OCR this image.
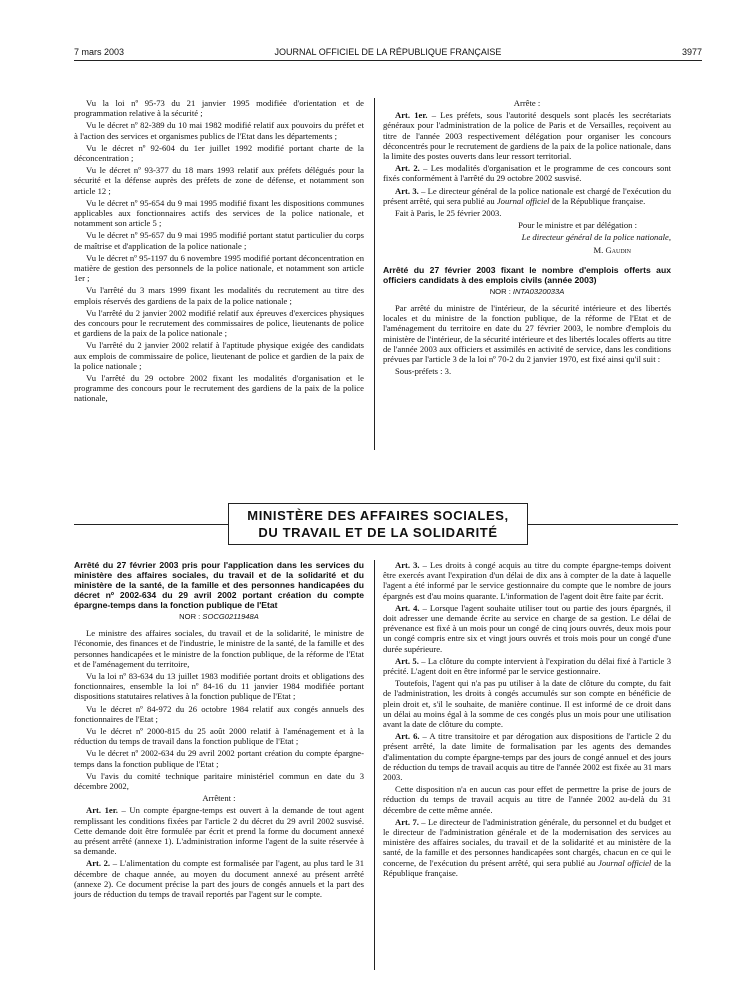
7 mars 2003	JOURNAL OFFICIEL DE LA RÉPUBLIQUE FRANÇAISE	3977

Vu la loi nº 95-73 du 21 janvier 1995 modifiée d'orientation et de programmation relative à la sécurité ;

Vu le décret nº 82-389 du 10 mai 1982 modifié relatif aux pouvoirs du préfet et à l'action des services et organismes publics de l'Etat dans les départements ;

Vu le décret nº 92-604 du 1er juillet 1992 modifié portant charte de la déconcentration ;

Vu le décret nº 93-377 du 18 mars 1993 relatif aux préfets délégués pour la sécurité et la défense auprès des préfets de zone de défense, et notamment son article 12 ;

Vu le décret nº 95-654 du 9 mai 1995 modifié fixant les dispositions communes applicables aux fonctionnaires actifs des services de la police nationale, et notamment son article 5 ;

Vu le décret nº 95-657 du 9 mai 1995 modifié portant statut particulier du corps de maîtrise et d'application de la police nationale ;

Vu le décret nº 95-1197 du 6 novembre 1995 modifié portant déconcentration en matière de gestion des personnels de la police nationale, et notamment son article 1er ;

Vu l'arrêté du 3 mars 1999 fixant les modalités du recrutement au titre des emplois réservés des gardiens de la paix de la police nationale ;

Vu l'arrêté du 2 janvier 2002 modifié relatif aux épreuves d'exercices physiques des concours pour le recrutement des commissaires de police, lieutenants de police et gardiens de la paix de la police nationale ;

Vu l'arrêté du 2 janvier 2002 relatif à l'aptitude physique exigée des candidats aux emplois de commissaire de police, lieutenant de police et gardien de la paix de la police nationale ;

Vu l'arrêté du 29 octobre 2002 fixant les modalités d'organisation et le programme des concours pour le recrutement des gardiens de la paix de la police nationale,

Arrête :

Art. 1er. – Les préfets, sous l'autorité desquels sont placés les secrétariats généraux pour l'administration de la police de Paris et de Versailles, reçoivent au titre de l'année 2003 respectivement délégation pour organiser les concours déconcentrés pour le recrutement de gardiens de la paix de la police nationale, dans la limite des postes ouverts dans leur ressort territorial.

Art. 2. – Les modalités d'organisation et le programme de ces concours sont fixés conformément à l'arrêté du 29 octobre 2002 susvisé.

Art. 3. – Le directeur général de la police nationale est chargé de l'exécution du présent arrêté, qui sera publié au Journal officiel de la République française.

Fait à Paris, le 25 février 2003.

Pour le ministre et par délégation :

Le directeur général de la police nationale,

M. Gaudin

Arrêté du 27 février 2003 fixant le nombre d'emplois offerts aux officiers candidats à des emplois civils (année 2003)

NOR : INTA0320033A

Par arrêté du ministre de l'intérieur, de la sécurité intérieure et des libertés locales et du ministre de la fonction publique, de la réforme de l'Etat et de l'aménagement du territoire en date du 27 février 2003, le nombre d'emplois du ministère de l'intérieur, de la sécurité intérieure et des libertés locales offerts au titre de l'année 2003 aux officiers et assimilés en activité de service, dans les conditions prévues par l'article 3 de la loi nº 70-2 du 2 janvier 1970, est fixé ainsi qu'il suit :

Sous-préfets : 3.

MINISTÈRE DES AFFAIRES SOCIALES,
DU TRAVAIL ET DE LA SOLIDARITÉ

Arrêté du 27 février 2003 pris pour l'application dans les services du ministère des affaires sociales, du travail et de la solidarité et du ministère de la santé, de la famille et des personnes handicapées du décret nº 2002-634 du 29 avril 2002 portant création du compte épargne-temps dans la fonction publique de l'Etat

NOR : SOCG0211948A

Le ministre des affaires sociales, du travail et de la solidarité, le ministre de l'économie, des finances et de l'industrie, le ministre de la santé, de la famille et des personnes handicapées et le ministre de la fonction publique, de la réforme de l'Etat et de l'aménagement du territoire,

Vu la loi nº 83-634 du 13 juillet 1983 modifiée portant droits et obligations des fonctionnaires, ensemble la loi nº 84-16 du 11 janvier 1984 modifiée portant dispositions statutaires relatives à la fonction publique de l'Etat ;

Vu le décret nº 84-972 du 26 octobre 1984 relatif aux congés annuels des fonctionnaires de l'Etat ;

Vu le décret nº 2000-815 du 25 août 2000 relatif à l'aménagement et à la réduction du temps de travail dans la fonction publique de l'Etat ;

Vu le décret nº 2002-634 du 29 avril 2002 portant création du compte épargne-temps dans la fonction publique de l'Etat ;

Vu l'avis du comité technique paritaire ministériel commun en date du 3 décembre 2002,

Arrêtent :

Art. 1er. – Un compte épargne-temps est ouvert à la demande de tout agent remplissant les conditions fixées par l'article 2 du décret du 29 avril 2002 susvisé. Cette demande doit être formulée par écrit et prend la forme du document annexé au présent arrêté (annexe 1). L'administration informe l'agent de la suite réservée à sa demande.

Art. 2. – L'alimentation du compte est formalisée par l'agent, au plus tard le 31 décembre de chaque année, au moyen du document annexé au présent arrêté (annexe 2). Ce document précise la part des jours de congés annuels et la part des jours de réduction du temps de travail reportés par l'agent sur le compte.

Art. 3. – Les droits à congé acquis au titre du compte épargne-temps doivent être exercés avant l'expiration d'un délai de dix ans à compter de la date à laquelle l'agent a été informé par le service gestionnaire du compte que le nombre de jours épargnés est d'au moins quarante. L'information de l'agent doit être faite par écrit.

Art. 4. – Lorsque l'agent souhaite utiliser tout ou partie des jours épargnés, il doit adresser une demande écrite au service en charge de sa gestion. Le délai de prévenance est fixé à un mois pour un congé de cinq jours ouvrés, deux mois pour un congé compris entre six et vingt jours ouvrés et trois mois pour un congé d'une durée supérieure.

Art. 5. – La clôture du compte intervient à l'expiration du délai fixé à l'article 3 précité. L'agent doit en être informé par le service gestionnaire.

Toutefois, l'agent qui n'a pas pu utiliser à la date de clôture du compte, du fait de l'administration, les droits à congés accumulés sur son compte en bénéficie de plein droit et, s'il le souhaite, de manière continue. Il est informé de ce droit dans un délai au moins égal à la somme de ces congés plus un mois pour une utilisation avant la date de clôture du compte.

Art. 6. – A titre transitoire et par dérogation aux dispositions de l'article 2 du présent arrêté, la date limite de formalisation par les agents des demandes d'alimentation du compte épargne-temps par des jours de congé annuel et des jours de réduction du temps de travail acquis au titre de l'année 2002 est fixée au 31 mars 2003.

Cette disposition n'a en aucun cas pour effet de permettre la prise de jours de réduction du temps de travail acquis au titre de l'année 2002 au-delà du 31 décembre de cette même année.

Art. 7. – Le directeur de l'administration générale, du personnel et du budget et le directeur de l'administration générale et de la modernisation des services au ministère des affaires sociales, du travail et de la solidarité et au ministère de la santé, de la famille et des personnes handicapées sont chargés, chacun en ce qui le concerne, de l'exécution du présent arrêté, qui sera publié au Journal officiel de la République française.
